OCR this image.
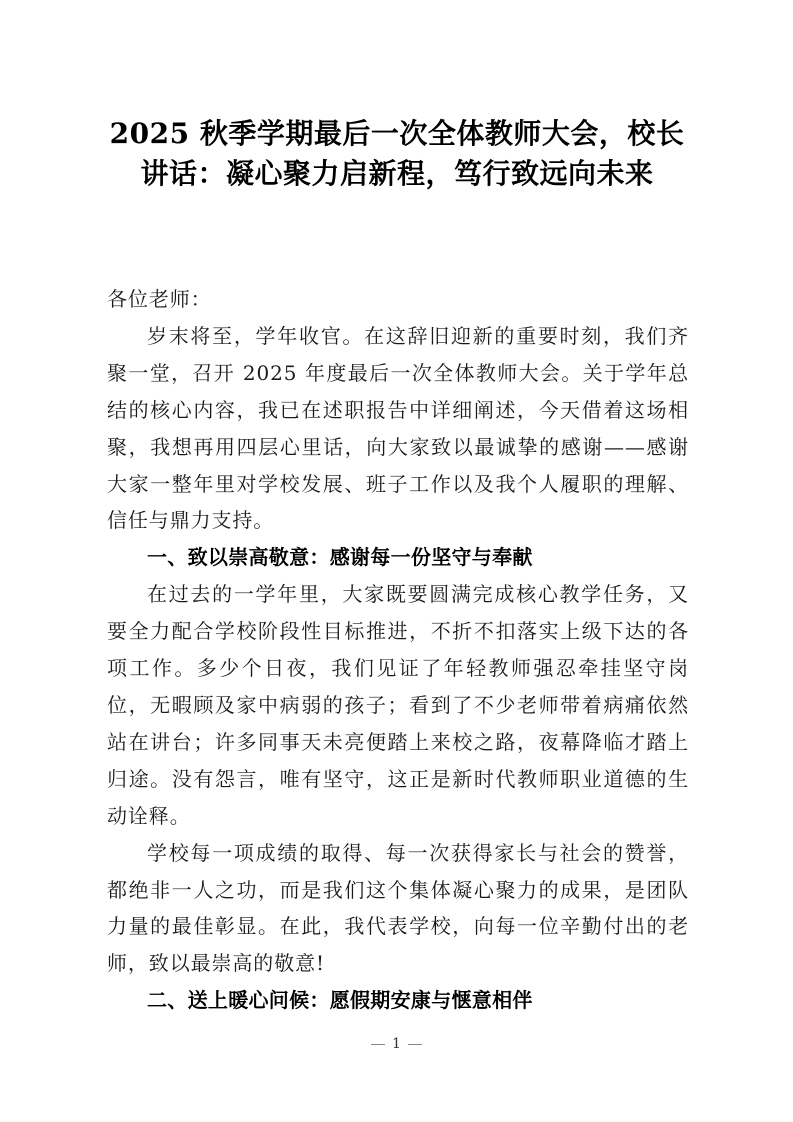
2025 秋季学期最后一次全体教师大会，校长讲话：凝心聚力启新程，笃行致远向未来

各位老师：

岁末将至，学年收官。在这辞旧迎新的重要时刻，我们齐聚一堂，召开 2025 年度最后一次全体教师大会。关于学年总结的核心内容，我已在述职报告中详细阐述，今天借着这场相聚，我想再用四层心里话，向大家致以最诚挚的感谢——感谢大家一整年里对学校发展、班子工作以及我个人履职的理解、信任与鼎力支持。

一、致以崇高敬意：感谢每一份坚守与奉献

在过去的一学年里，大家既要圆满完成核心教学任务，又要全力配合学校阶段性目标推进，不折不扣落实上级下达的各项工作。多少个日夜，我们见证了年轻教师强忍牵挂坚守岗位，无暇顾及家中病弱的孩子；看到了不少老师带着病痛依然站在讲台；许多同事天未亮便踏上来校之路，夜幕降临才踏上归途。没有怨言，唯有坚守，这正是新时代教师职业道德的生动诠释。

学校每一项成绩的取得、每一次获得家长与社会的赞誉，都绝非一人之功，而是我们这个集体凝心聚力的成果，是团队力量的最佳彰显。在此，我代表学校，向每一位辛勤付出的老师，致以最崇高的敬意!

二、送上暖心问候：愿假期安康与惬意相伴

1
